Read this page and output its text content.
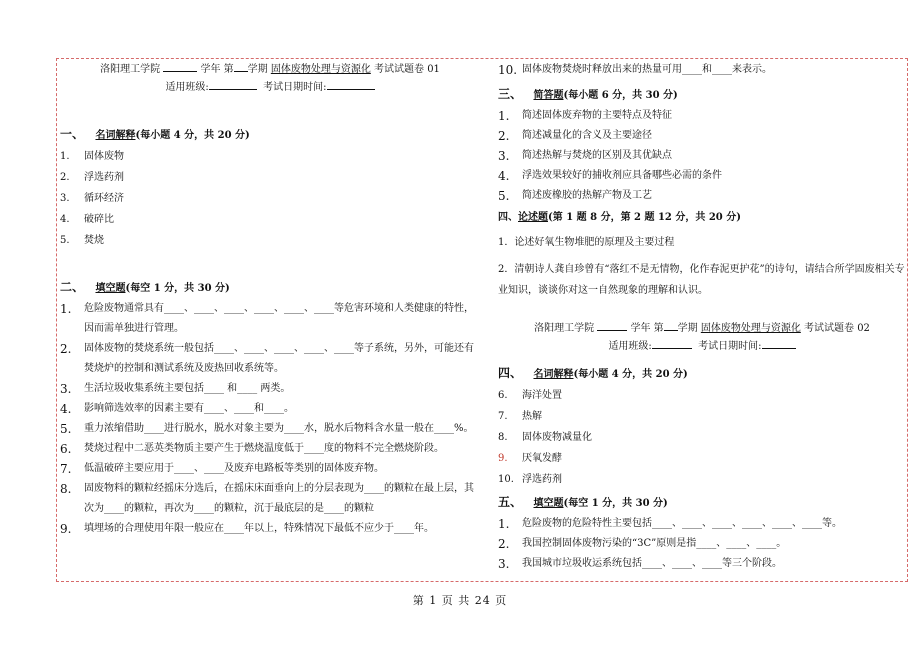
洛阳理工学院	学年 第 学期 固体废物处理与资源化 考试试题卷 01
适用班级:	考试日期时间:
一、 名词解释(每小题 4 分，共 20 分)
1.	固体废物
2.	浮选药剂
3.	循环经济
4.	破碎比
5.	焚烧
二、 填空题(每空 1 分，共 30 分)
1.	危险废物通常具有____、____、____、____、____、____等危害环境和人类健康的特性，因而需单独进行管理。
2.	固体废物的焚烧系统一般包括____、____、____、____、____等子系统，另外，可能还有焚烧炉的控制和测试系统及废热回收系统等。
3.	生活垃圾收集系统主要包括____ 和____ 两类。
4.	影响筛选效率的因素主要有____、____和____。
5.	重力浓缩借助____进行脱水，脱水对象主要为____水，脱水后物料含水量一般在____%。
6.	焚烧过程中二恶英类物质主要产生于燃烧温度低于____度的物料不完全燃烧阶段。
7.	低温破碎主要应用于____、____及废弃电路板等类别的固体废弃物。
8.	固废物料的颗粒经摇床分选后，在摇床床面垂向上的分层表现为____的颗粒在最上层，其次为____的颗粒，再次为____的颗粒，沉于最底层的是____的颗粒
9.	填埋场的合理使用年限一般应在____年以上，特殊情况下最低不应少于____年。
10. 固体废物焚烧时释放出来的热量可用____和____来表示。
三、 简答题(每小题 6 分，共 30 分)
1.	简述固体废弃物的主要特点及特征
2.	简述减量化的含义及主要途径
3.	简述热解与焚烧的区别及其优缺点
4.	浮选效果较好的捕收剂应具备哪些必需的条件
5.	简述废橡胶的热解产物及工艺
四、论述题(第 1 题 8 分，第 2 题 12 分，共 20 分)
1．论述好氧生物堆肥的原理及主要过程
2．清朝诗人龚自珍曾有“落红不是无情物，化作春泥更护花”的诗句，请结合所学固废相关专业知识，谈谈你对这一自然现象的理解和认识。
洛阳理工学院	学年 第 学期 固体废物处理与资源化 考试试题卷 02
适用班级:	考试日期时间:
四、 名词解释(每小题 4 分，共 20 分)
6.	海洋处置
7.	热解
8.	固体废物减量化
9.	厌氧发酵
10. 浮选药剂
五、 填空题(每空 1 分，共 30 分)
1.	危险废物的危险特性主要包括____、____、____、____、____、____等。
2.	我国控制固体废物污染的“3C”原则是指____、____、____。
3.	我国城市垃圾收运系统包括____、____、____等三个阶段。
第 1 页 共 24 页
